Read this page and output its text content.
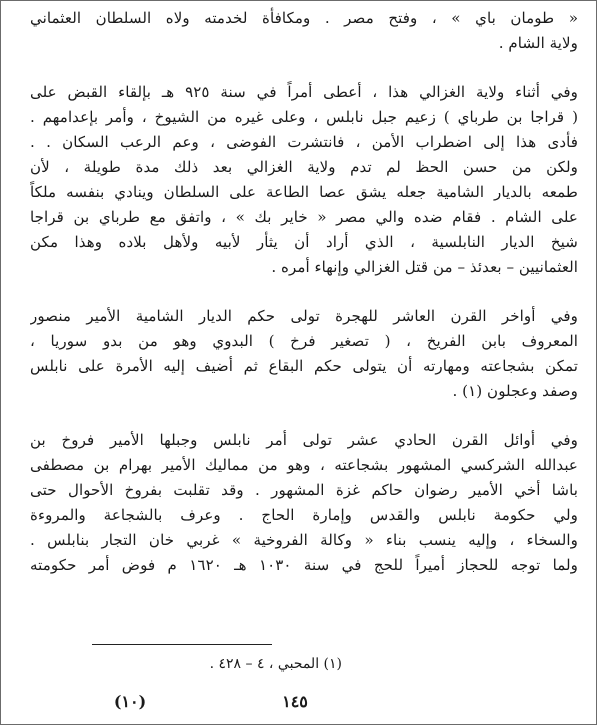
« طومان باي » ، وفتح مصر . ومكافأة لخدمته ولاه السلطان العثماني
ولاية الشام .
وفي أثناء ولاية الغزالي هذا ، أعطى أمراً في سنة ٩٢٥ هـ بإلقاء القبض على
( قراجا بن طرباي ) زعيم جبل نابلس ، وعلى غيره من الشيوخ ، وأمر بإعدامهم .
فأدى هذا إلى اضطراب الأمن ، فانتشرت الفوضى ، وعم الرعب السكان . .
ولكن من حسن الحظ لم تدم ولاية الغزالي بعد ذلك مدة طويلة ، لأن
طمعه بالديار الشامية جعله يشق عصا الطاعة على السلطان وينادي بنفسه ملكاً
على الشام . فقام ضده والي مصر « خاير بك » ، واتفق مع طرباي بن قراجا
شيخ الديار النابلسية ، الذي أراد أن يثأر لأبيه ولأهل بلاده وهذا مكن
العثمانيين – بعدئذ – من قتل الغزالي وإنهاء أمره .
وفي أواخر القرن العاشر للهجرة تولى حكم الديار الشامية الأمير منصور
المعروف بابن الفريخ ، ( تصغير فرخ ) البدوي وهو من بدو سوريا ،
تمكن بشجاعته ومهارته أن يتولى حكم البقاع ثم أضيف إليه الأمرة على نابلس
وصفد وعجلون (١) .
وفي أوائل القرن الحادي عشر تولى أمر نابلس وجبلها الأمير فروخ بن
عبدالله الشركسي المشهور بشجاعته ، وهو من مماليك الأمير بهرام بن مصطفى
باشا أخي الأمير رضوان حاكم غزة المشهور . وقد تقلبت بفروخ الأحوال حتى
ولي حكومة نابلس والقدس وإمارة الحاج . وعرف بالشجاعة والمروءة
والسخاء ، وإليه ينسب بناء « وكالة الفروخية » غربي خان التجار بنابلس .
ولما توجه للحجاز أميراً للحج في سنة ١٠٣٠ هـ ١٦٢٠ م فوض أمر حكومته
(١) المحبي ، ٤ – ٤٢٨ .
١٤٥
(١٠)
